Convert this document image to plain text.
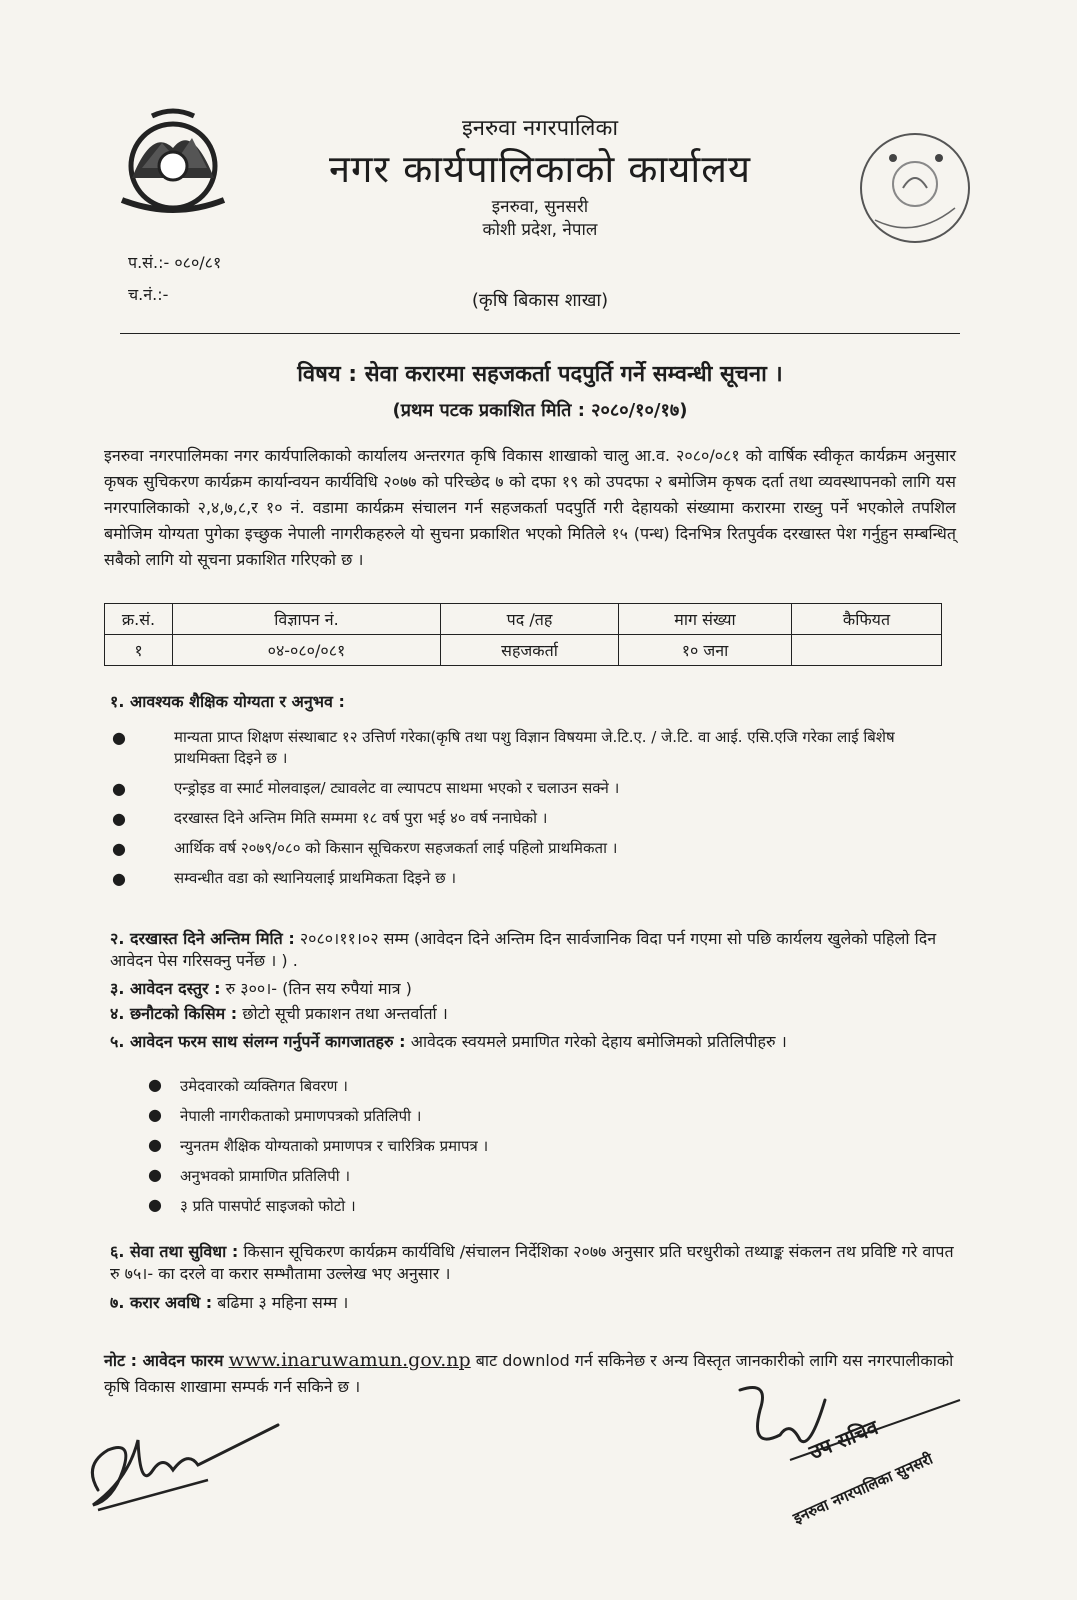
इनरुवा नगरपालिका
नगर कार्यपालिकाको कार्यालय
इनरुवा, सुनसरी
कोशी प्रदेश, नेपाल
(कृषि बिकास शाखा)
प.सं.:- ०८०/८१
च.नं.:-
विषय : सेवा करारमा सहजकर्ता पदपुर्ति गर्ने सम्वन्धी सूचना ।
(प्रथम पटक प्रकाशित मिति : २०८०/१०/१७)
इनरुवा नगरपालिमका नगर कार्यपालिकाको कार्यालय अन्तरगत कृषि विकास शाखाको चालु आ.व. २०८०/०८१ को वार्षिक स्वीकृत कार्यक्रम अनुसार कृषक सुचिकरण कार्यक्रम कार्यान्वयन कार्यविधि २०७७ को परिच्छेद ७ को दफा १९ को उपदफा २ बमोजिम कृषक दर्ता तथा व्यवस्थापनको लागि यस नगरपालिकाको २,४,७,८,र १० नं. वडामा कार्यक्रम संचालन गर्न सहजकर्ता पदपुर्ति गरी देहायको संख्यामा करारमा राख्नु पर्ने भएकोले तपशिल बमोजिम योग्यता पुगेका इच्छुक नेपाली नागरीकहरुले यो सुचना प्रकाशित भएको मितिले १५ (पन्ध) दिनभित्र रितपुर्वक दरखास्त पेश गर्नुहुन सम्बन्धित् सबैको लागि यो सूचना प्रकाशित गरिएको छ ।
क्र.सं.	विज्ञापन नं.	पद /तह	माग संख्या	कैफियत
१	०४-०८०/०८१	सहजकर्ता	१० जना	
१. आवश्यक शैक्षिक योग्यता र अनुभव :
●	मान्यता प्राप्त शिक्षण संस्थाबाट १२ उत्तिर्ण गरेका(कृषि तथा पशु विज्ञान विषयमा जे.टि.ए. / जे.टि. वा आई. एसि.एजि गरेका लाई बिशेष प्राथमिक्ता दिइने छ ।
●	एन्ड्रोइड वा स्मार्ट मोलवाइल/ ट्यावलेट वा ल्यापटप साथमा भएको र चलाउन सक्ने ।
●	दरखास्त दिने अन्तिम मिति सम्ममा १८ वर्ष पुरा भई ४० वर्ष ननाघेको ।
●	आर्थिक वर्ष २०७९/०८० को किसान सूचिकरण सहजकर्ता लाई पहिलो प्राथमिकता ।
●	सम्वन्धीत वडा को स्थानियलाई प्राथमिकता दिइने छ ।
२. दरखास्त दिने अन्तिम मिति : २०८०।११।०२ सम्म (आवेदन दिने अन्तिम दिन सार्वजानिक विदा पर्न गएमा सो पछि कार्यलय खुलेको पहिलो दिन आवेदन पेस गरिसक्नु पर्नेछ । ) .
३. आवेदन दस्तुर : रु ३००।- (तिन सय रुपैयां मात्र )
४. छनौटको किसिम : छोटो सूची प्रकाशन तथा अन्तर्वार्ता ।
५. आवेदन फरम साथ संलग्न गर्नुपर्ने कागजातहरु : आवेदक स्वयमले प्रमाणित गरेको देहाय बमोजिमको प्रतिलिपीहरु ।
● उमेदवारको व्यक्तिगत बिवरण ।
● नेपाली नागरीकताको प्रमाणपत्रको प्रतिलिपी ।
● न्युनतम शैक्षिक योग्यताको प्रमाणपत्र र चारित्रिक प्रमापत्र ।
● अनुभवको प्रामाणित प्रतिलिपी ।
● ३ प्रति पासपोर्ट साइजको फोटो ।
६. सेवा तथा सुविधा : किसान सूचिकरण कार्यक्रम कार्यविधि /संचालन निर्देशिका २०७७ अनुसार प्रति घरधुरीको तथ्याङ्क संकलन तथ प्रविष्टि गरे वापत रु ७५।- का दरले वा करार सम्भौतामा उल्लेख भए अनुसार ।
७. करार अवधि : बढिमा ३ महिना सम्म ।
नोट : आवेदन फारम www.inaruwamun.gov.np बाट downlod गर्न सकिनेछ र अन्य विस्तृत जानकारीको लागि यस नगरपालीकाको कृषि विकास शाखामा सम्पर्क गर्न सकिने छ ।
उप सचिव
इनरुवा नगरपालिका सुनसरी
